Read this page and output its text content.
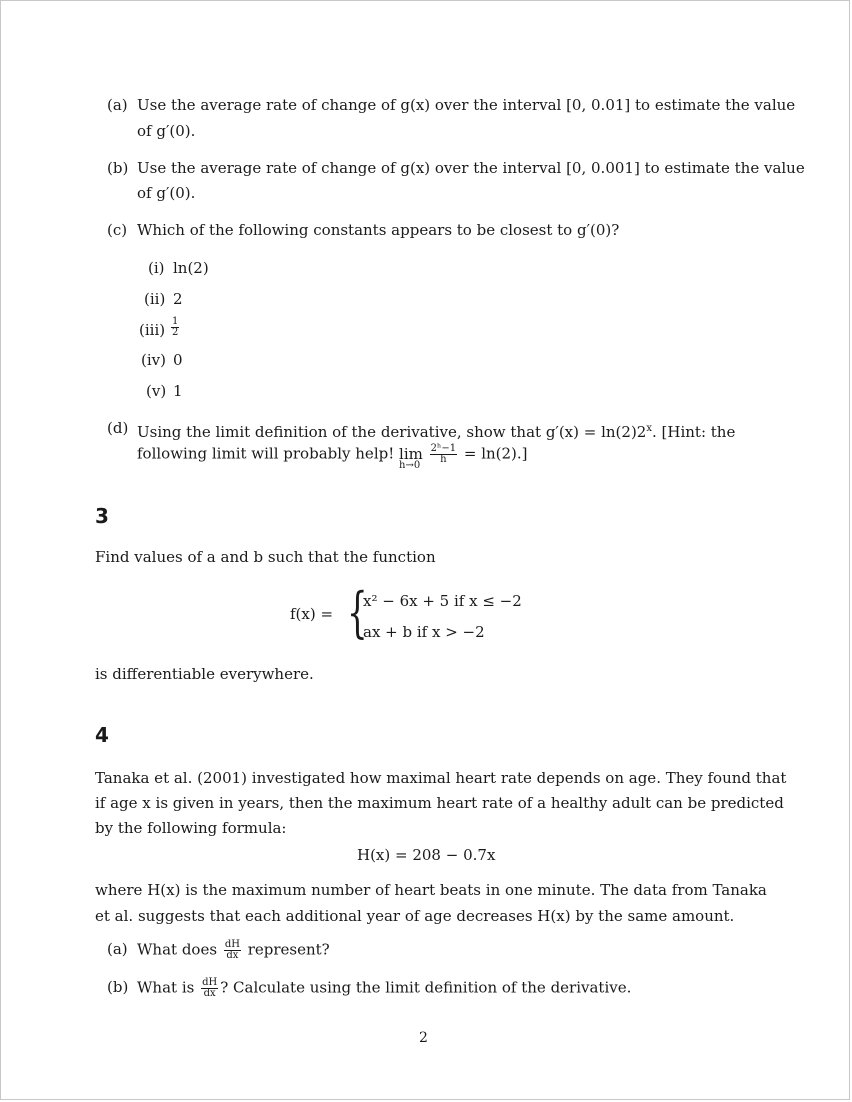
(a) Use the average rate of change of g(x) over the interval [0, 0.01] to estimate the value
of g′(0).
(b) Use the average rate of change of g(x) over the interval [0, 0.001] to estimate the value
of g′(0).
(c) Which of the following constants appears to be closest to g′(0)?
(i) ln(2)
(ii) 2
$(iii) \frac{1}{2}$
(iv) 0
(v) 1
(d) Using the limit definition of the derivative, show that $g'(x) = \ln(2)2^x$. [Hint: the
following limit will probably help! lim
h→0
$\frac{\text{2ʰ−1}}{h} = \ln(2)$.]
3
Find values of a and b such that the function
f(x) = {
x² − 6x + 5 if x ≤ −2
ax + b if x > −2
is differentiable everywhere.
4
Tanaka et al. (2001) investigated how maximal heart rate depends on age. They found that
if age x is given in years, then the maximum heart rate of a healthy adult can be predicted
by the following formula:
H(x) = 208 − 0.7x
where H(x) is the maximum number of heart beats in one minute. The data from Tanaka
et al. suggests that each additional year of age decreases H(x) by the same amount.
(a) What does $\frac{dH}{dx}$ represent?
(b) What is $\frac{dH}{dx}$ ? Calculate using the limit definition of the derivative.
2
